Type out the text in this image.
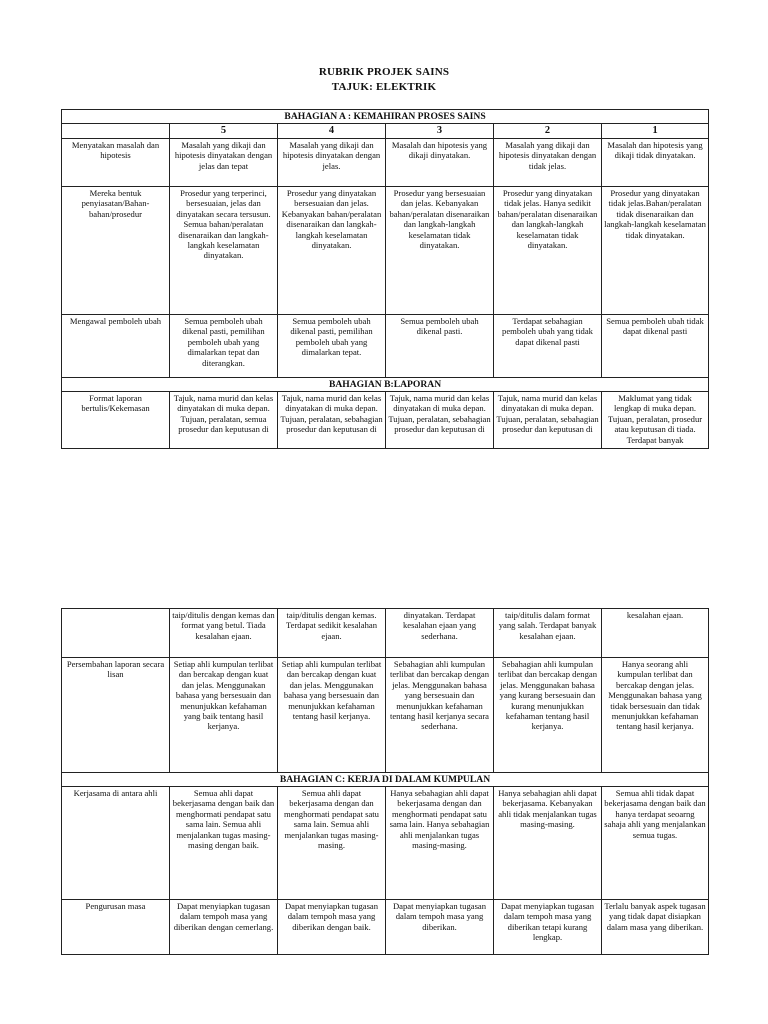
RUBRIK PROJEK SAINS
TAJUK: ELEKTRIK
BAHAGIAN A : KEMAHIRAN PROSES SAINS					
	5	4	3	2	1
Menyatakan masalah dan hipotesis	Masalah yang dikaji dan hipotesis dinyatakan dengan jelas dan tepat	Masalah yang dikaji dan hipotesis dinyatakan dengan jelas.	Masalah dan hipotesis yang dikaji dinyatakan.	Masalah yang dikaji dan hipotesis dinyatakan dengan tidak jelas.	Masalah dan hipotesis yang dikaji tidak dinyatakan.
Mereka bentuk penyiasatan/Bahan-bahan/prosedur	Prosedur yang terperinci, bersesuaian, jelas dan dinyatakan secara tersusun. Semua bahan/peralatan disenaraikan dan langkah-langkah keselamatan dinyatakan.	Prosedur yang dinyatakan bersesuaian dan jelas. Kebanyakan bahan/peralatan disenaraikan dan langkah-langkah keselamatan dinyatakan.	Prosedur yang bersesuaian dan jelas. Kebanyakan bahan/peralatan disenaraikan dan langkah-langkah keselamatan tidak dinyatakan.	Prosedur yang dinyatakan tidak jelas. Hanya sedikit bahan/peralatan disenaraikan dan langkah-langkah keselamatan tidak dinyatakan.	Prosedur yang dinyatakan tidak jelas.Bahan/peralatan tidak disenaraikan dan langkah-langkah keselamatan tidak dinyatakan.
Mengawal pemboleh ubah	Semua pemboleh ubah dikenal pasti, pemilihan pemboleh ubah yang dimalarkan tepat dan diterangkan.	Semua pemboleh ubah dikenal pasti, pemilihan pemboleh ubah yang dimalarkan tepat.	Semua pemboleh ubah dikenal pasti.	Terdapat sebahagian pemboleh ubah yang tidak dapat dikenal pasti	Semua pemboleh ubah tidak dapat dikenal pasti
BAHAGIAN B:LAPORAN					

Format laporan bertulis/Kekemasan	Tajuk, nama murid dan kelas dinyatakan di muka depan. Tujuan, peralatan, semua prosedur dan keputusan di	Tajuk, nama murid dan kelas dinyatakan di muka depan. Tujuan, peralatan, sebahagian prosedur dan keputusan di	Tajuk, nama murid dan kelas dinyatakan di muka depan. Tujuan, peralatan, sebahagian prosedur dan keputusan di	Tajuk, nama murid dan kelas dinyatakan di muka depan. Tujuan, peralatan, sebahagian prosedur dan keputusan di	Maklumat yang tidak lengkap di muka depan. Tujuan, peralatan, prosedur atau keputusan di tiada. Terdapat banyak
	taip/ditulis dengan kemas dan format yang betul. Tiada kesalahan ejaan.	taip/ditulis dengan kemas. Terdapat sedikit kesalahan ejaan.	dinyatakan. Terdapat kesalahan ejaan yang sederhana.	taip/ditulis dalam format yang salah. Terdapat banyak kesalahan ejaan.	kesalahan ejaan.
Persembahan laporan secara lisan	Setiap ahli kumpulan terlibat dan bercakap dengan kuat dan jelas. Menggunakan bahasa yang bersesuain dan menunjukkan kefahaman yang baik tentang hasil kerjanya.	Setiap ahli kumpulan terlibat dan bercakap dengan kuat dan jelas. Menggunakan bahasa yang bersesuain dan menunjukkan kefahaman tentang hasil kerjanya.	Sebahagian ahli kumpulan terlibat dan bercakap dengan jelas. Menggunakan bahasa yang bersesuain dan menunjukkan kefahaman tentang hasil kerjanya secara sederhana.	Sebahagian ahli kumpulan terlibat dan bercakap dengan jelas. Menggunakan bahasa yang kurang bersesuain dan kurang menunjukkan kefahaman tentang hasil kerjanya.	Hanya seorang ahli kumpulan terlibat dan bercakap dengan jelas. Menggunakan bahasa yang tidak bersesuain dan tidak menunjukkan kefahaman tentang hasil kerjanya.
BAHAGIAN C: KERJA DI DALAM KUMPULAN					
Kerjasama di antara ahli	Semua ahli dapat bekerjasama dengan baik dan menghormati pendapat satu sama lain. Semua ahli menjalankan tugas masing-masing dengan baik.	Semua ahli dapat bekerjasama dengan dan menghormati pendapat satu sama lain. Semua ahli menjalankan tugas masing-masing.	Hanya sebahagian ahli dapat bekerjasama dengan dan menghormati pendapat satu sama lain. Hanya sebahagian ahli menjalankan tugas masing-masing.	Hanya sebahagian ahli dapat bekerjasama. Kebanyakan ahli tidak menjalankan tugas masing-masing.	Semua ahli tidak dapat bekerjasama dengan baik dan hanya terdapat seoarng sahaja ahli yang menjalankan semua tugas.
Pengurusan masa	Dapat menyiapkan tugasan dalam tempoh masa yang diberikan dengan cemerlang.	Dapat menyiapkan tugasan dalam tempoh masa yang diberikan dengan baik.	Dapat menyiapkan tugasan dalam tempoh masa yang diberikan.	Dapat menyiapkan tugasan dalam tempoh masa yang diberikan tetapi kurang lengkap.	Terlalu banyak aspek tugasan yang tidak dapat disiapkan dalam masa yang diberikan.
